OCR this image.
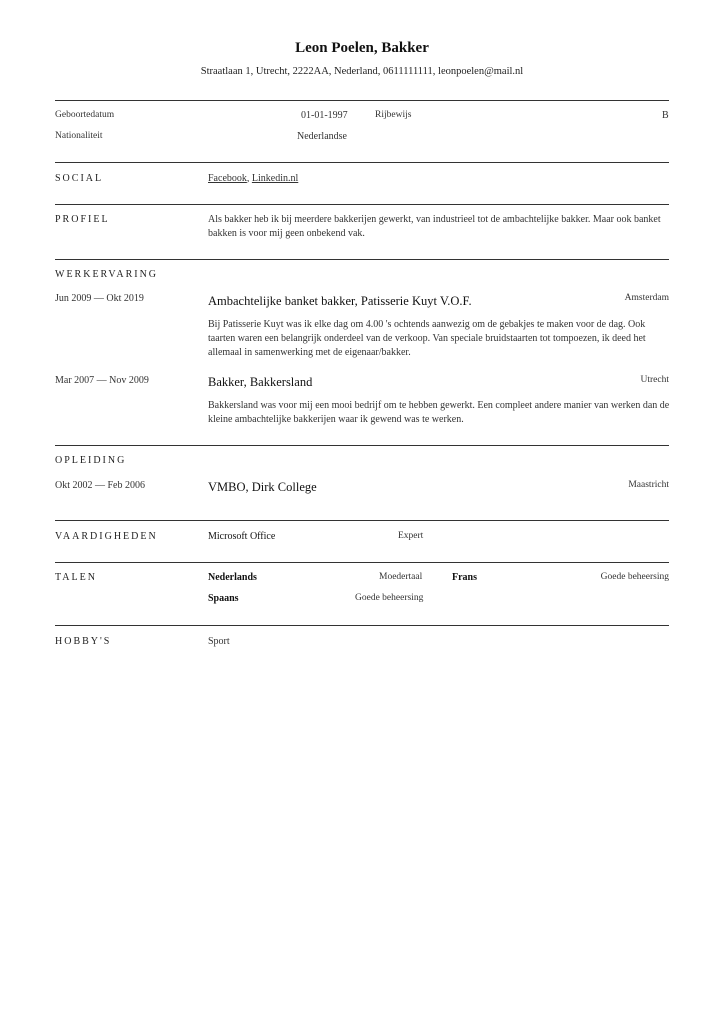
Leon Poelen, Bakker
Straatlaan 1, Utrecht, 2222AA, Nederland, 0611111111, leonpoelen@mail.nl
Geboortedatum	01-01-1997	Rijbewijs	B
Nationaliteit	Nederlandse
SOCIAL	Facebook, Linkedin.nl
PROFIEL	Als bakker heb ik bij meerdere bakkerijen gewerkt, van industrieel tot de ambachtelijke bakker. Maar ook banket bakken is voor mij geen onbekend vak.
WERKERVARING
Jun 2009 — Okt 2019	Ambachtelijke banket bakker, Patisserie Kuyt V.O.F.	Amsterdam
Bij Patisserie Kuyt was ik elke dag om 4.00 's ochtends aanwezig om de gebakjes te maken voor de dag. Ook taarten waren een belangrijk onderdeel van de verkoop. Van speciale bruidstaarten tot tompoezen, ik deed het allemaal in samenwerking met de eigenaar/bakker.
Mar 2007 — Nov 2009	Bakker, Bakkersland	Utrecht
Bakkersland was voor mij een mooi bedrijf om te hebben gewerkt. Een compleet andere manier van werken dan de kleine ambachtelijke bakkerijen waar ik gewend was te werken.
OPLEIDING
Okt 2002 — Feb 2006	VMBO, Dirk College	Maastricht
VAARDIGHEDEN	Microsoft Office	Expert
TALEN	Nederlands	Moedertaal	Frans	Goede beheersing
Spaans	Goede beheersing
HOBBY'S	Sport
